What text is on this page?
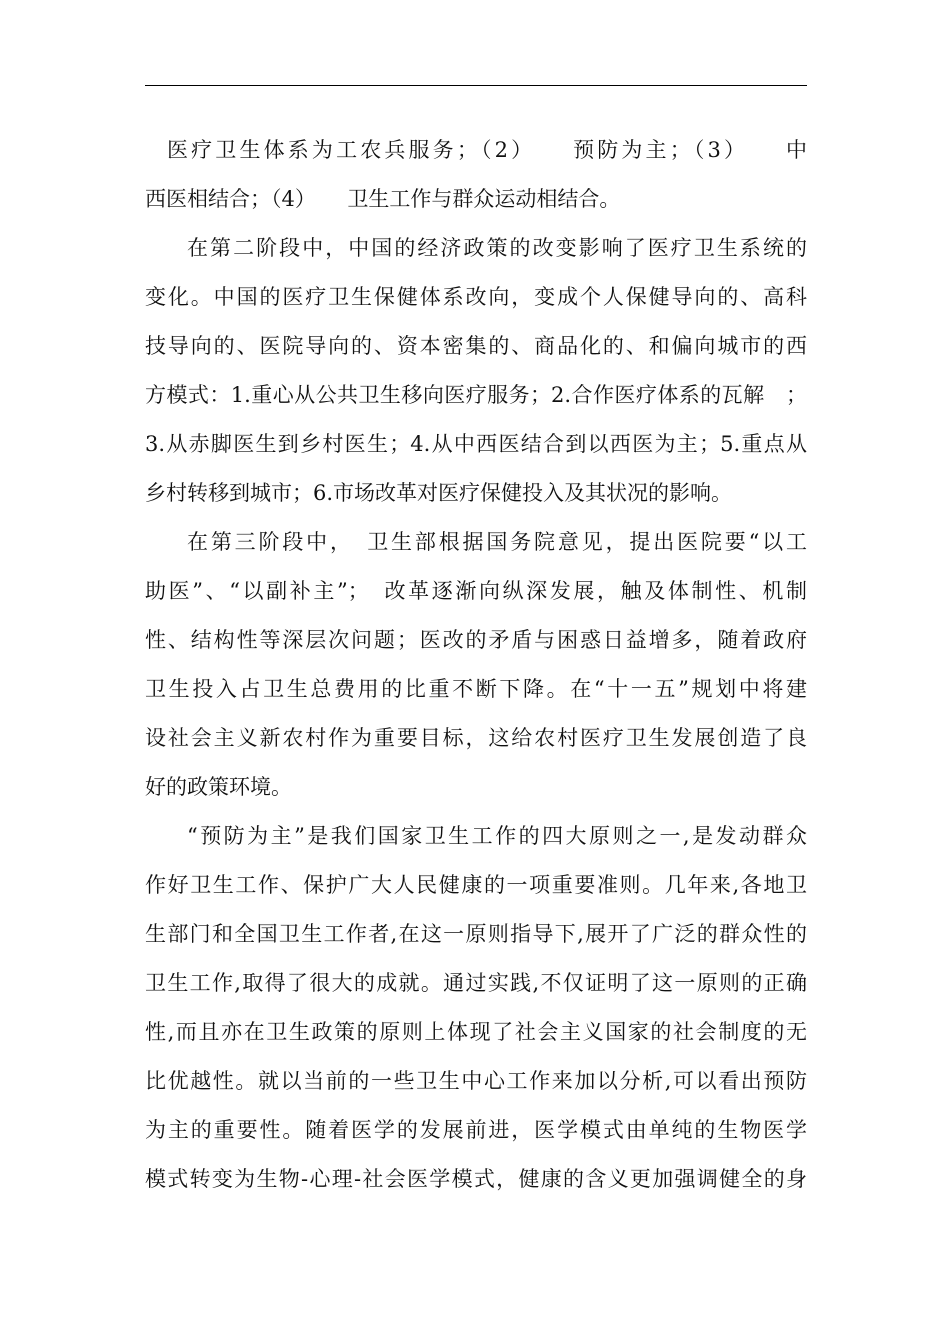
医疗卫生体系为工农兵服务；（2）　　预防为主；（3）　　中
西医相结合；（4）　　卫生工作与群众运动相结合。
在第二阶段中，中国的经济政策的改变影响了医疗卫生系统的
变化。中国的医疗卫生保健体系改向，变成个人保健导向的、高科
技导向的、医院导向的、资本密集的、商品化的、和偏向城市的西
方模式：1.重心从公共卫生移向医疗服务；2.合作医疗体系的瓦解　；
3.从赤脚医生到乡村医生；4.从中西医结合到以西医为主；5.重点从
乡村转移到城市；6.市场改革对医疗保健投入及其状况的影响。
在第三阶段中，　卫生部根据国务院意见，提出医院要“以工
助医”、“以副补主”；　改革逐渐向纵深发展，触及体制性、机制
性、结构性等深层次问题；医改的矛盾与困惑日益增多，随着政府
卫生投入占卫生总费用的比重不断下降。在“十一五”规划中将建
设社会主义新农村作为重要目标，这给农村医疗卫生发展创造了良
好的政策环境。
“预防为主”是我们国家卫生工作的四大原则之一,是发动群众
作好卫生工作、保护广大人民健康的一项重要准则。几年来,各地卫
生部门和全国卫生工作者,在这一原则指导下,展开了广泛的群众性的
卫生工作,取得了很大的成就。通过实践,不仅证明了这一原则的正确
性,而且亦在卫生政策的原则上体现了社会主义国家的社会制度的无
比优越性。就以当前的一些卫生中心工作来加以分析,可以看出预防
为主的重要性。随着医学的发展前进，医学模式由单纯的生物医学
模式转变为生物-心理-社会医学模式，健康的含义更加强调健全的身
